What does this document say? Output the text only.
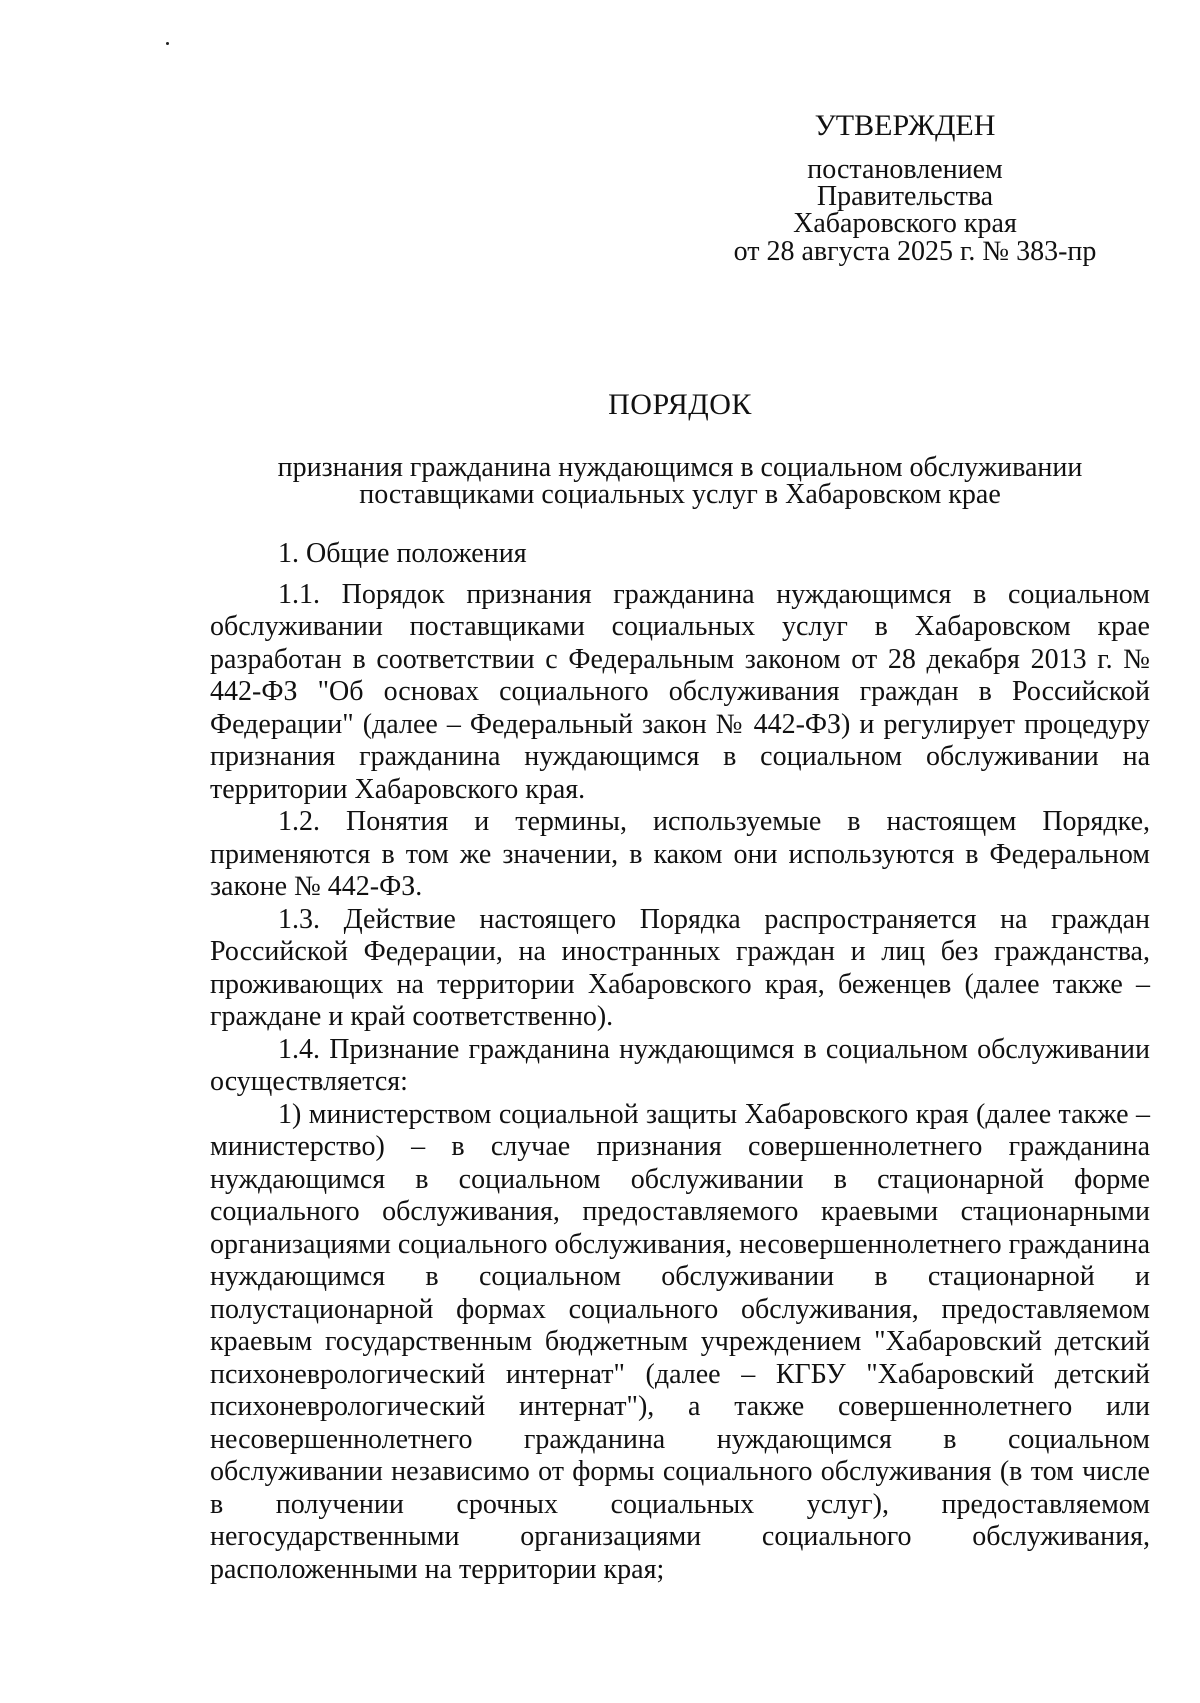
УТВЕРЖДЕН
постановлением
Правительства
Хабаровского края
от 28 августа 2025 г. № 383-пр
ПОРЯДОК
признания гражданина нуждающимся в социальном обслуживании
поставщиками социальных услуг в Хабаровском крае

1. Общие положения

1.1. Порядок признания гражданина нуждающимся в социальном обслуживании поставщиками социальных услуг в Хабаровском крае разработан в соответствии с Федеральным законом от 28 декабря 2013 г. № 442-ФЗ "Об основах социального обслуживания граждан в Российской Федерации" (далее – Федеральный закон № 442-ФЗ) и регулирует процедуру признания гражданина нуждающимся в социальном обслуживании на территории Хабаровского края.

1.2. Понятия и термины, используемые в настоящем Порядке, применяются в том же значении, в каком они используются в Федеральном законе № 442-ФЗ.

1.3. Действие настоящего Порядка распространяется на граждан Российской Федерации, на иностранных граждан и лиц без гражданства, проживающих на территории Хабаровского края, беженцев (далее также – граждане и край соответственно).

1.4. Признание гражданина нуждающимся в социальном обслуживании осуществляется:

1) министерством социальной защиты Хабаровского края (далее также – министерство) – в случае признания совершеннолетнего гражданина нуждающимся в социальном обслуживании в стационарной форме социального обслуживания, предоставляемого краевыми стационарными организациями социального обслуживания, несовершеннолетнего гражданина нуждающимся в социальном обслуживании в стационарной и полустационарной формах социального обслуживания, предоставляемом краевым государственным бюджетным учреждением "Хабаровский детский психоневрологический интернат" (далее – КГБУ "Хабаровский детский психоневрологический интернат"), а также совершеннолетнего или несовершеннолетнего гражданина нуждающимся в социальном обслуживании независимо от формы социального обслуживания (в том числе в получении срочных социальных услуг), предоставляемом негосударственными организациями социального обслуживания, расположенными на территории края;
